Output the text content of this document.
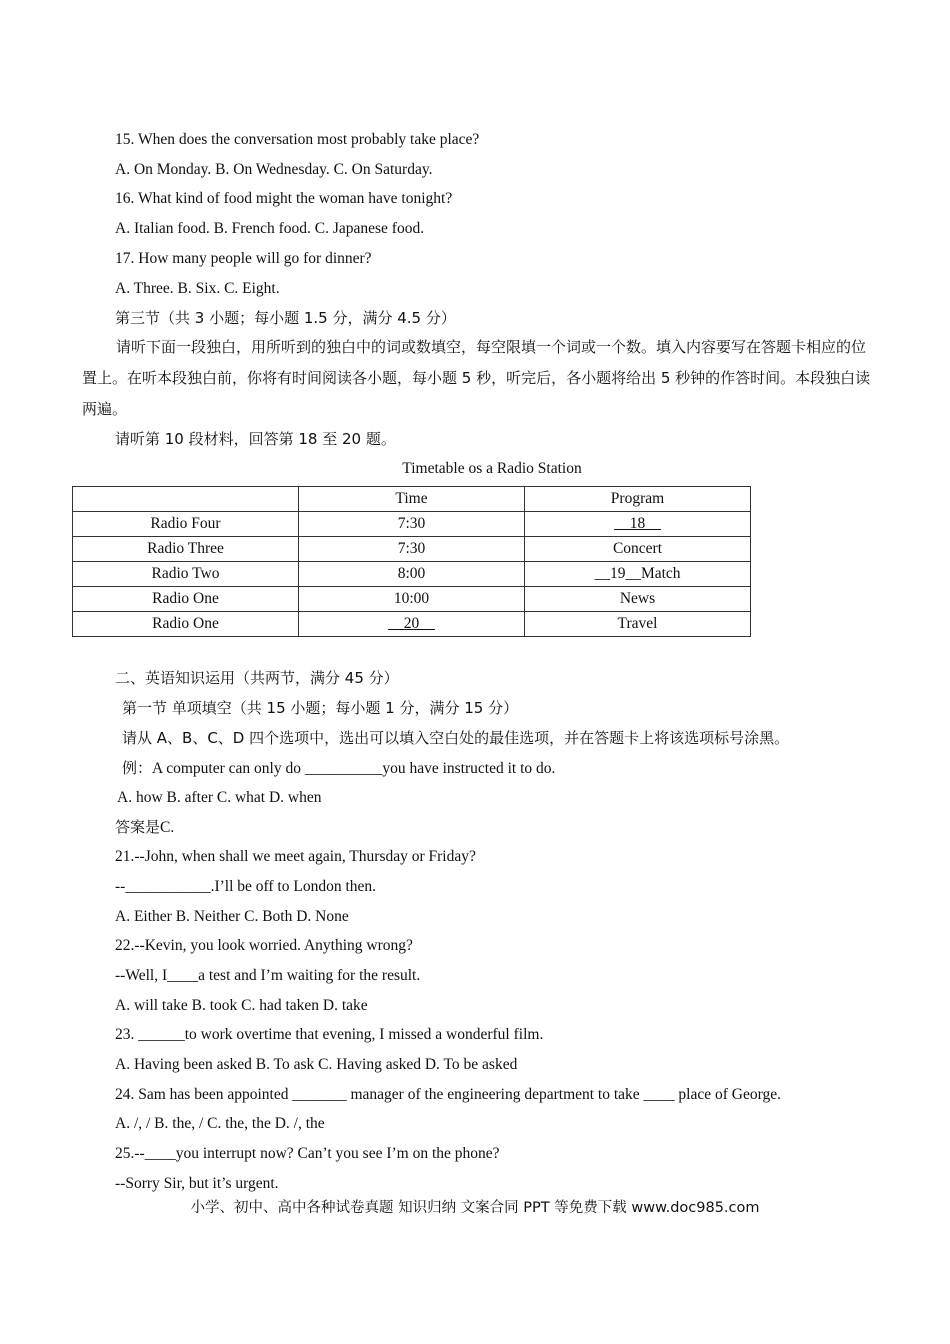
15. When does the conversation most probably take place?
A. On Monday. B. On Wednesday. C. On Saturday.
16. What kind of food might the woman have tonight?
A. Italian food. B. French food. C. Japanese food.
17. How many people will go for dinner?
A. Three. B. Six. C. Eight.
第三节（共 3 小题；每小题 1.5 分，满分 4.5 分）
请听下面一段独白，用所听到的独白中的词或数填空，每空限填一个词或一个数。填入内容要写在答题卡相应的位置上。在听本段独白前，你将有时间阅读各小题，每小题 5 秒，听完后，各小题将给出 5 秒钟的作答时间。本段独白读两遍。
请听第 10 段材料，回答第 18 至 20 题。
Timetable os a Radio Station
	Time	Program
Radio Four	7:30	__18__
Radio Three	7:30	Concert
Radio Two	8:00	__19__Match
Radio One	10:00	News
Radio One	__20__	Travel
二、英语知识运用（共两节，满分 45 分）
第一节 单项填空（共 15 小题；每小题 1 分，满分 15 分）
请从 A、B、C、D 四个选项中，选出可以填入空白处的最佳选项，并在答题卡上将该选项标号涂黑。
例：A computer can only do __________you have instructed it to do.
A. how B. after C. what D. when
答案是C.
21.--John, when shall we meet again, Thursday or Friday?
--___________.I’ll be off to London then.
A. Either B. Neither C. Both D. None
22.--Kevin, you look worried. Anything wrong?
--Well, I____a test and I’m waiting for the result.
A. will take B. took C. had taken D. take
23. ______to work overtime that evening, I missed a wonderful film.
A. Having been asked B. To ask C. Having asked D. To be asked
24. Sam has been appointed _______ manager of the engineering department to take ____ place of George.
A. /, / B. the, / C. the, the D. /, the
25.--____you interrupt now? Can’t you see I’m on the phone?
--Sorry Sir, but it’s urgent.
小学、初中、高中各种试卷真题 知识归纳 文案合同 PPT 等免费下载 www.doc985.com
